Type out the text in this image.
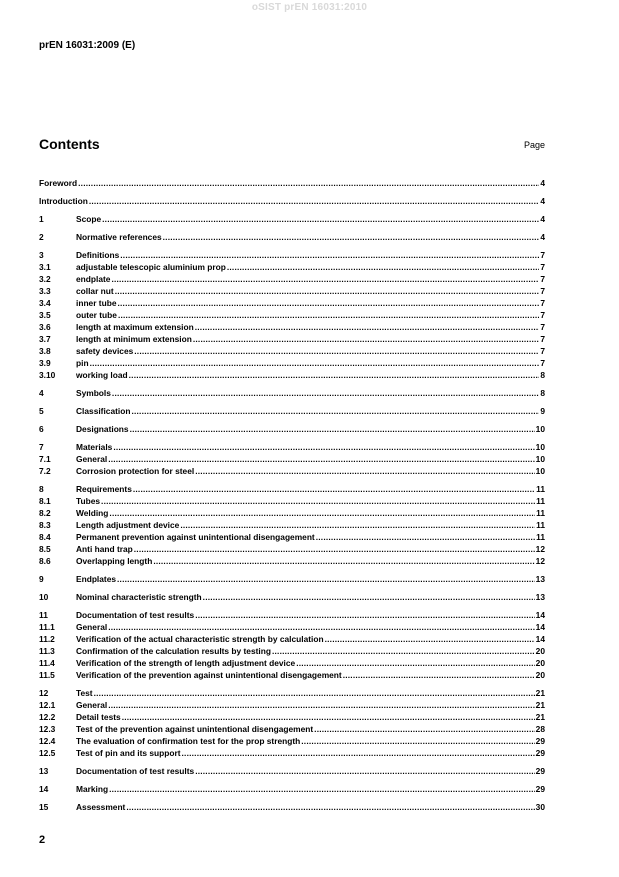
oSIST prEN 16031:2010
prEN 16031:2009 (E)
Contents	Page
Foreword .....	4
Introduction .....	4
1	Scope .....	4
2	Normative references .....	4
3	Definitions .....	7
3.1	adjustable telescopic aluminium prop .....	7
3.2	endplate .....	7
3.3	collar nut .....	7
3.4	inner tube .....	7
3.5	outer tube .....	7
3.6	length at maximum extension .....	7
3.7	length at minimum extension .....	7
3.8	safety devices .....	7
3.9	pin .....	7
3.10	working load .....	8
4	Symbols .....	8
5	Classification .....	9
6	Designations .....	10
7	Materials .....	10
7.1	General .....	10
7.2	Corrosion protection for steel .....	10
8	Requirements .....	11
8.1	Tubes .....	11
8.2	Welding .....	11
8.3	Length adjustment device .....	11
8.4	Permanent prevention against unintentional disengagement .....	11
8.5	Anti hand trap .....	12
8.6	Overlapping length .....	12
9	Endplates .....	13
10	Nominal characteristic strength .....	13
11	Documentation of test results .....	14
11.1	General .....	14
11.2	Verification of the actual characteristic strength by calculation .....	14
11.3	Confirmation of the calculation results by testing .....	20
11.4	Verification of the strength of length adjustment device .....	20
11.5	Verification of the prevention against unintentional disengagement .....	20
12	Test .....	21
12.1	General .....	21
12.2	Detail tests .....	21
12.3	Test of the prevention against unintentional disengagement .....	28
12.4	The evaluation of confirmation test for the prop strength .....	29
12.5	Test of pin and its support .....	29
13	Documentation of test results .....	29
14	Marking .....	29
15	Assessment .....	30
2
